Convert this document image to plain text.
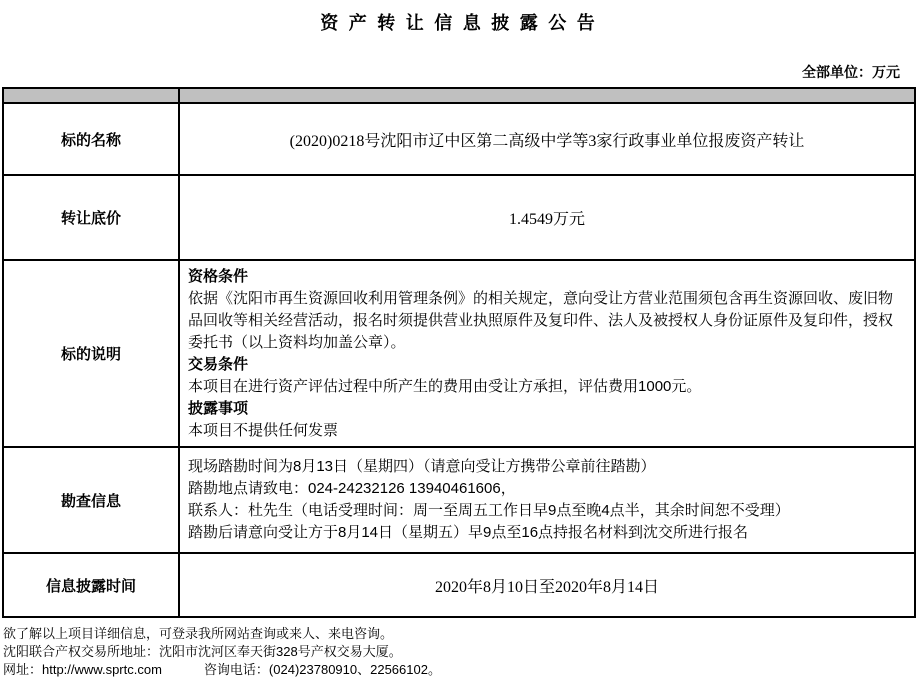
资 产 转 让 信 息 披 露 公 告
全部单位：万元

标的名称	(2020)0218号沈阳市辽中区第二高级中学等3家行政事业单位报废资产转让
转让底价	1.4549万元
标的说明	
资格条件
依据《沈阳市再生资源回收利用管理条例》的相关规定，意向受让方营业范围须包含再生资源回收、废旧物品回收等相关经营活动，报名时须提供营业执照原件及复印件、法人及被授权人身份证原件及复印件，授权委托书（以上资料均加盖公章）。
交易条件
本项目在进行资产评估过程中所产生的费用由受让方承担，评估费用1000元。
披露事项
本项目不提供任何发票

勘查信息	现场踏勘时间为8月13日（星期四）（请意向受让方携带公章前往踏勘）
踏勘地点请致电：024-24232126 13940461606，
联系人：杜先生（电话受理时间：周一至周五工作日早9点至晚4点半，其余时间恕不受理）
踏勘后请意向受让方于8月14日（星期五）早9点至16点持报名材料到沈交所进行报名

信息披露时间	2020年8月10日至2020年8月14日
欲了解以上项目详细信息，可登录我所网站查询或来人、来电咨询。
沈阳联合产权交易所地址：沈阳市沈河区奉天街328号产权交易大厦。
网址：http://www.sprtc.com	咨询电话：(024)23780910、22566102。
